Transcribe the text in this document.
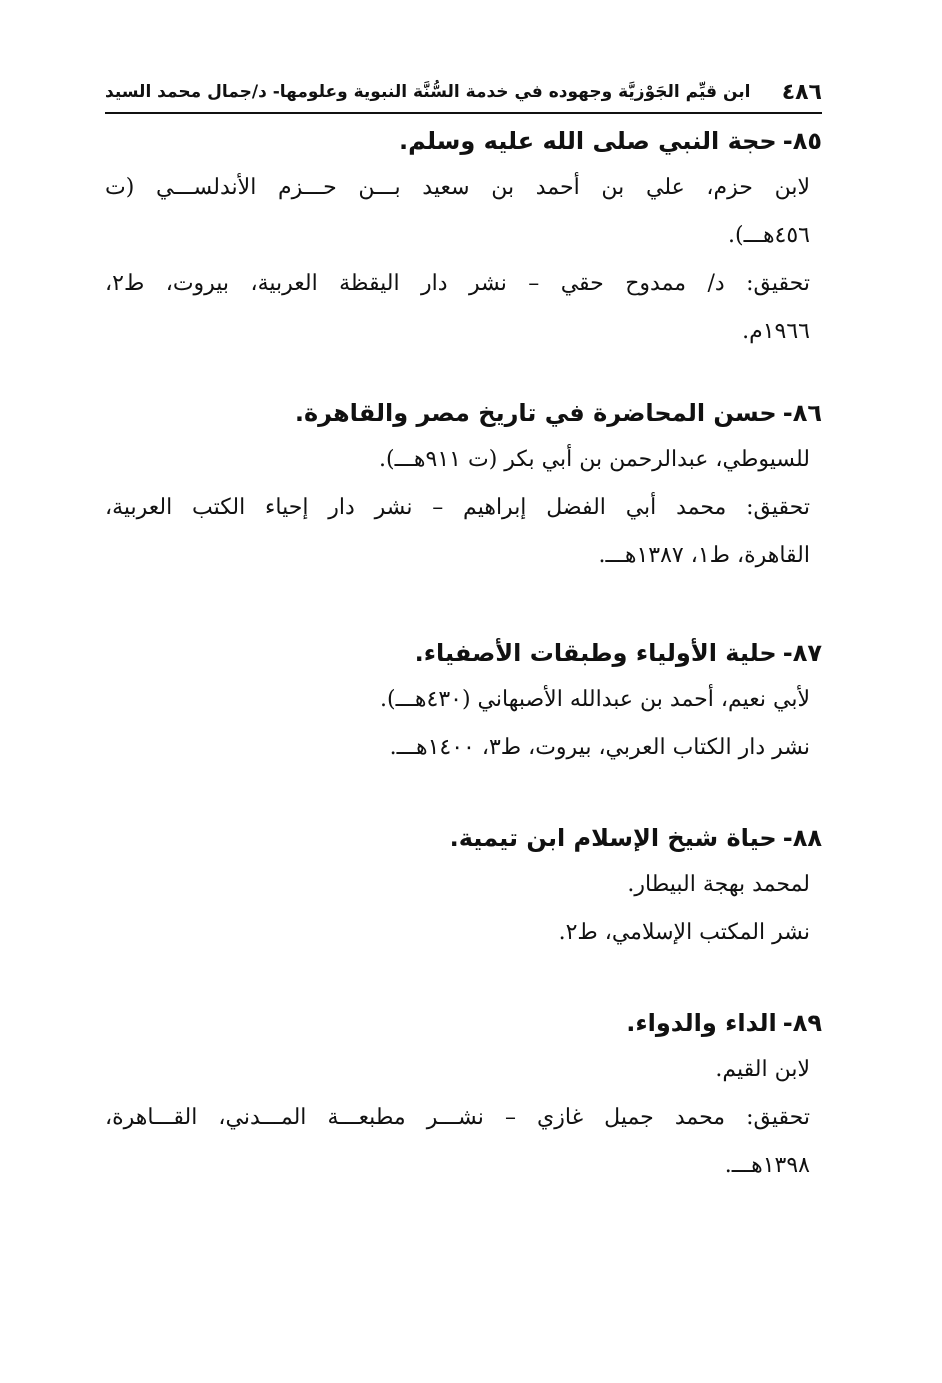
٤٨٦
ابن قيِّم الجَوْزيَّة وجهوده في خدمة السُّنَّة النبوية وعلومها- د/جمال محمد السيد
٨٥-حجة النبي صلى الله عليه وسلم.
لابن حزم، علي بن أحمد بن سعيد بـــن حـــزم الأندلســـي (ت
٤٥٦هـــ).
تحقيق: د/ ممدوح حقي – نشر دار اليقظة العربية، بيروت، ط٢،
١٩٦٦م.
٨٦-حسن المحاضرة في تاريخ مصر والقاهرة.
للسيوطي، عبدالرحمن بن أبي بكر (ت ٩١١هـــ).
تحقيق: محمد أبي الفضل إبراهيم – نشر دار إحياء الكتب العربية،
القاهرة، ط١، ١٣٨٧هـــ.
٨٧-حلية الأولياء وطبقات الأصفياء.
لأبي نعيم، أحمد بن عبدالله الأصبهاني (٤٣٠هـــ).
نشر دار الكتاب العربي، بيروت، ط٣، ١٤٠٠هـــ.
٨٨-حياة شيخ الإسلام ابن تيمية.
لمحمد بهجة البيطار.
نشر المكتب الإسلامي، ط٢.
٨٩-الداء والدواء.
لابن القيم.
تحقيق: محمد جميل غازي – نشـــر مطبعـــة المـــدني، القـــاهرة،
١٣٩٨هـــ.
